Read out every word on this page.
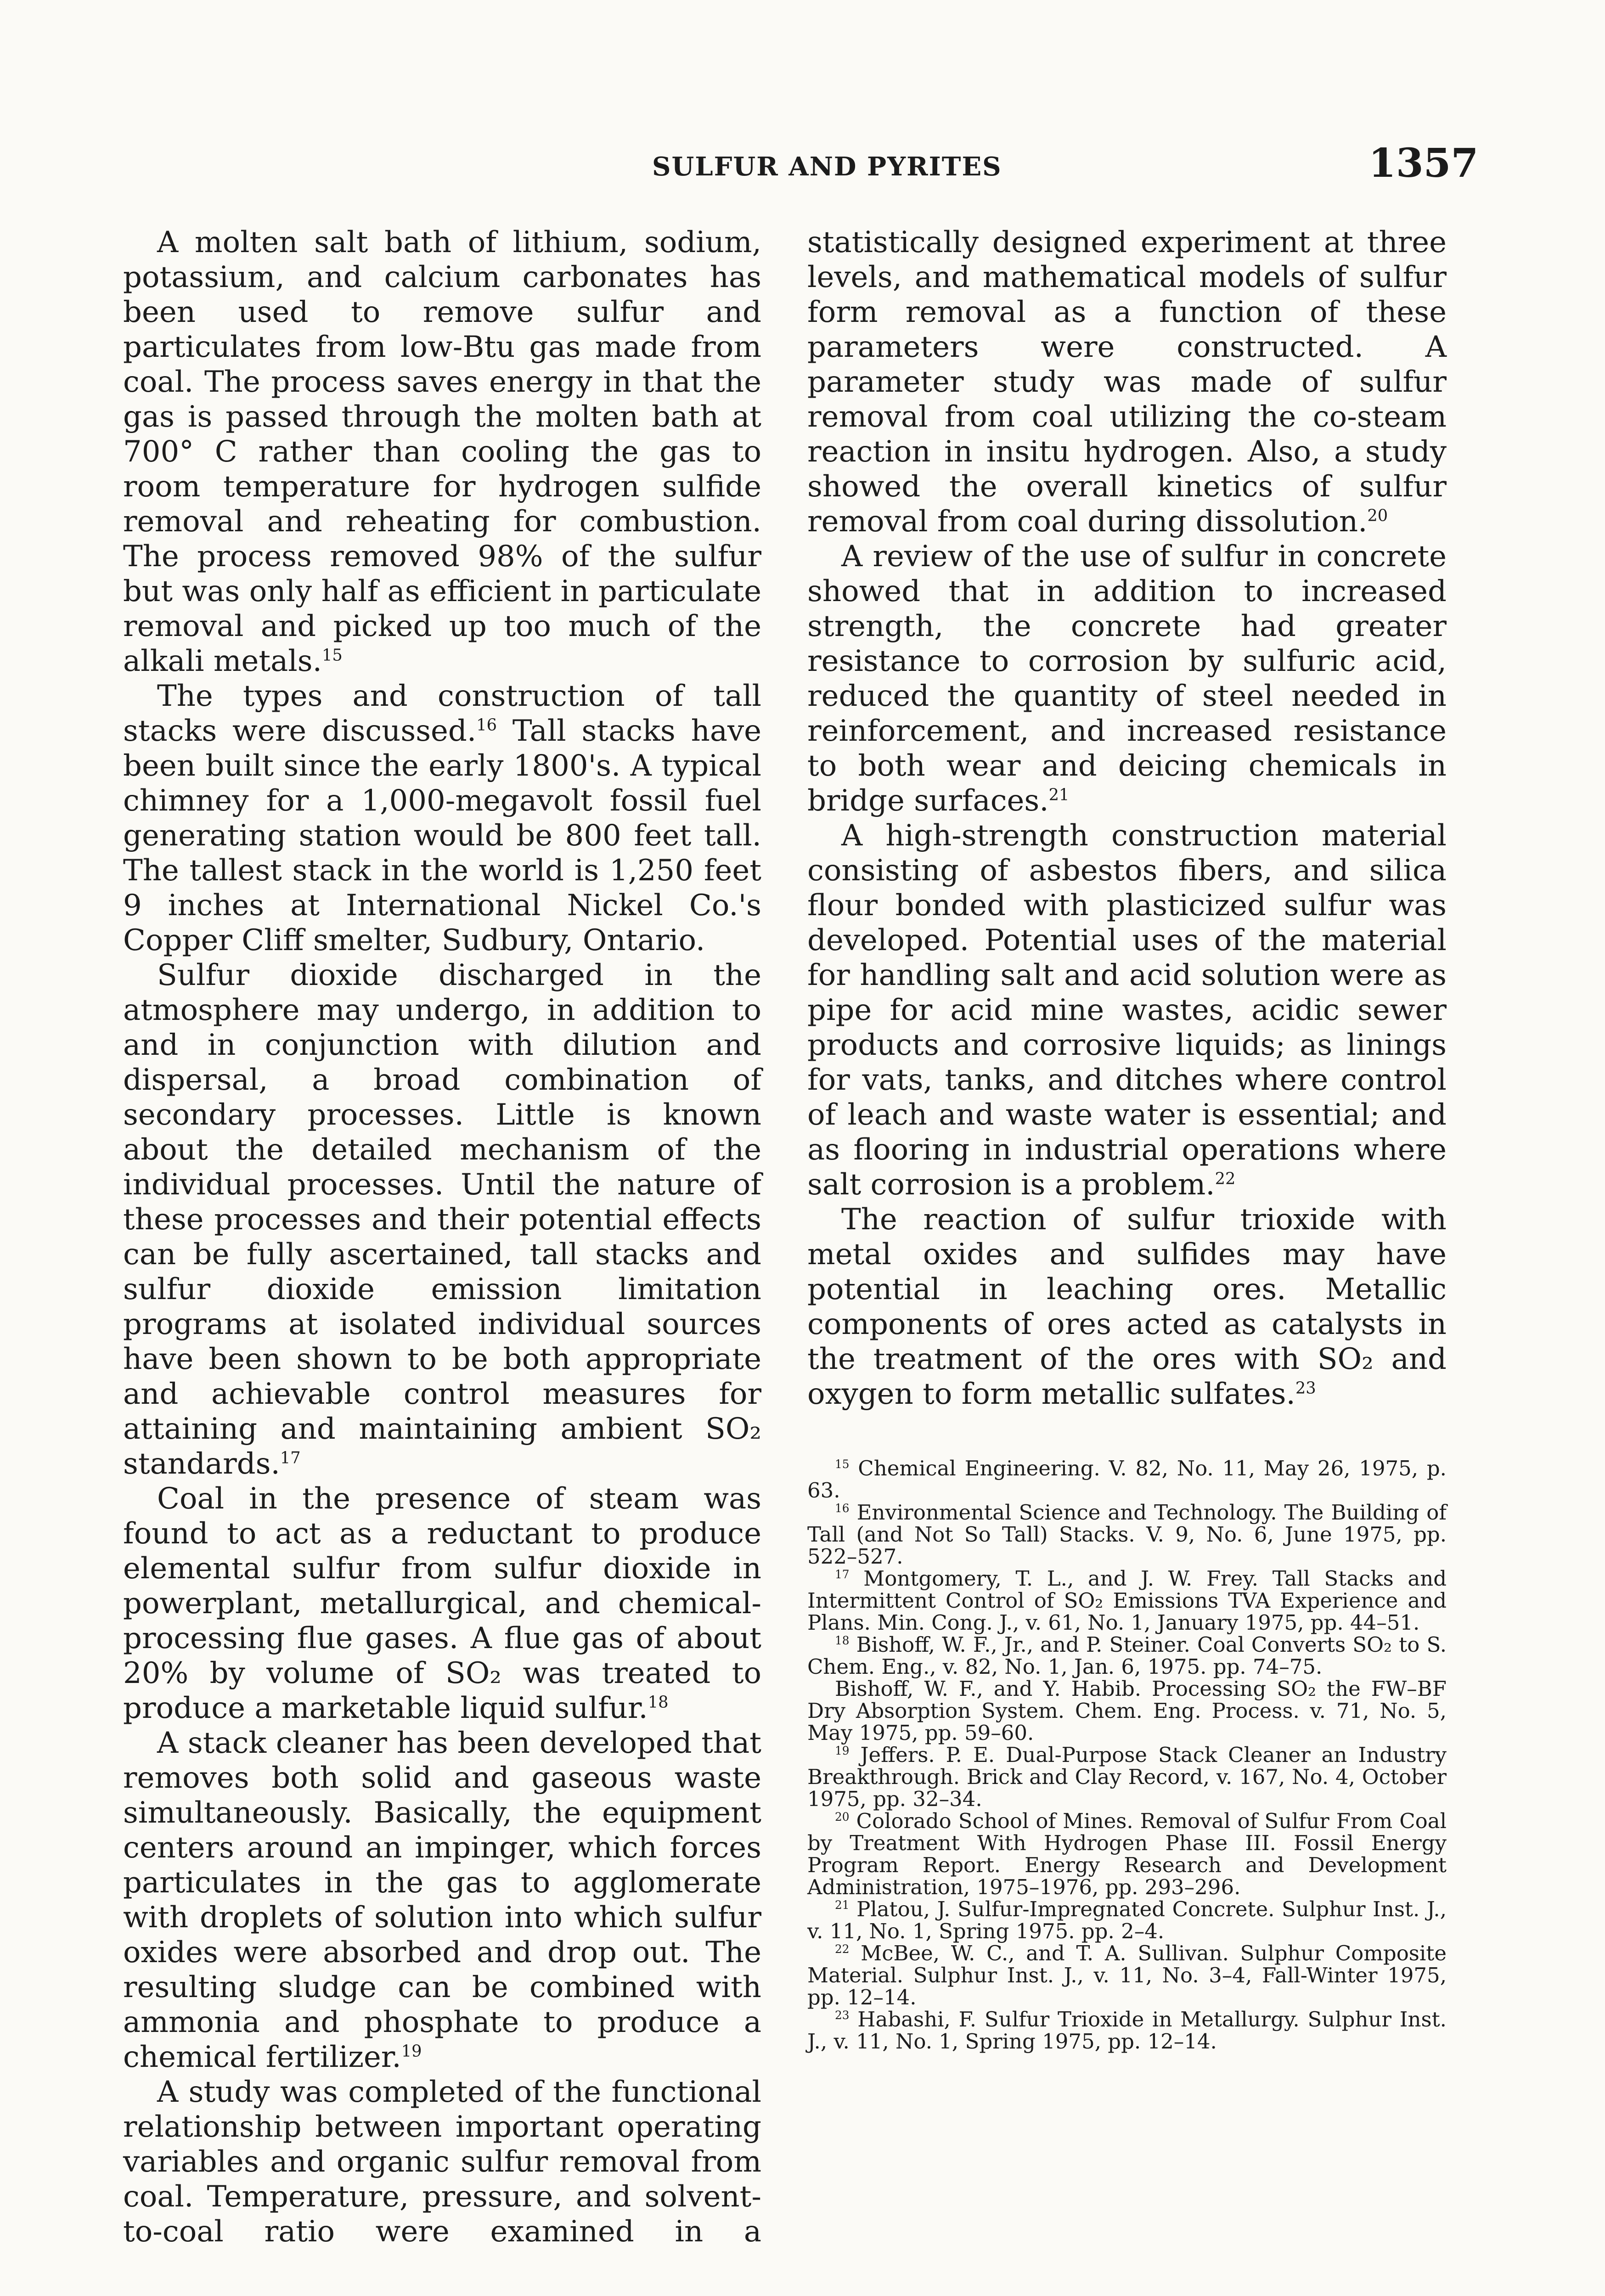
SULFUR AND PYRITES	1357

A molten salt bath of lithium, sodium, potassium, and calcium carbonates has been used to remove sulfur and particulates from low-Btu gas made from coal. The process saves energy in that the gas is passed through the molten bath at 700° C rather than cooling the gas to room temperature for hydrogen sulfide removal and reheating for combustion. The process removed 98% of the sulfur but was only half as efficient in particulate removal and picked up too much of the alkali metals.$^{15}$

The types and construction of tall stacks were discussed.$^{16}$ Tall stacks have been built since the early 1800's. A typical chimney for a 1,000-megavolt fossil fuel generating station would be 800 feet tall. The tallest stack in the world is 1,250 feet 9 inches at International Nickel Co.'s Copper Cliff smelter, Sudbury, Ontario.

Sulfur dioxide discharged in the atmosphere may undergo, in addition to and in conjunction with dilution and dispersal, a broad combination of secondary processes. Little is known about the detailed mechanism of the individual processes. Until the nature of these processes and their potential effects can be fully ascertained, tall stacks and sulfur dioxide emission limitation programs at isolated individual sources have been shown to be both appropriate and achievable control measures for attaining and maintaining ambient SO₂ standards.$^{17}$

Coal in the presence of steam was found to act as a reductant to produce elemental sulfur from sulfur dioxide in powerplant, metallurgical, and chemical-processing flue gases. A flue gas of about 20% by volume of SO₂ was treated to produce a marketable liquid sulfur.$^{18}$

A stack cleaner has been developed that removes both solid and gaseous waste simultaneously. Basically, the equipment centers around an impinger, which forces particulates in the gas to agglomerate with droplets of solution into which sulfur oxides were absorbed and drop out. The resulting sludge can be combined with ammonia and phosphate to produce a chemical fertilizer.$^{19}$

A study was completed of the functional relationship between important operating variables and organic sulfur removal from coal. Temperature, pressure, and solvent-to-coal ratio were examined in a

statistically designed experiment at three levels, and mathematical models of sulfur form removal as a function of these parameters were constructed. A parameter study was made of sulfur removal from coal utilizing the co-steam reaction in insitu hydrogen. Also, a study showed the overall kinetics of sulfur removal from coal during dissolution.$^{20}$

A review of the use of sulfur in concrete showed that in addition to increased strength, the concrete had greater resistance to corrosion by sulfuric acid, reduced the quantity of steel needed in reinforcement, and increased resistance to both wear and deicing chemicals in bridge surfaces.$^{21}$

A high-strength construction material consisting of asbestos fibers, and silica flour bonded with plasticized sulfur was developed. Potential uses of the material for handling salt and acid solution were as pipe for acid mine wastes, acidic sewer products and corrosive liquids; as linings for vats, tanks, and ditches where control of leach and waste water is essential; and as flooring in industrial operations where salt corrosion is a problem.$^{22}$

The reaction of sulfur trioxide with metal oxides and sulfides may have potential in leaching ores. Metallic components of ores acted as catalysts in the treatment of the ores with SO₂ and oxygen to form metallic sulfates.$^{23}$

$^{15}$ Chemical Engineering. V. 82, No. 11, May 26, 1975, p. 63.
$^{16}$ Environmental Science and Technology. The Building of Tall (and Not So Tall) Stacks. V. 9, No. 6, June 1975, pp. 522–527.
$^{17}$ Montgomery, T. L., and J. W. Frey. Tall Stacks and Intermittent Control of SO₂ Emissions TVA Experience and Plans. Min. Cong. J., v. 61, No. 1, January 1975, pp. 44–51.
$^{18}$ Bishoff, W. F., Jr., and P. Steiner. Coal Converts SO₂ to S. Chem. Eng., v. 82, No. 1, Jan. 6, 1975. pp. 74–75.
Bishoff, W. F., and Y. Habib. Processing SO₂ the FW–BF Dry Absorption System. Chem. Eng. Process. v. 71, No. 5, May 1975, pp. 59–60.
$^{19}$ Jeffers. P. E. Dual-Purpose Stack Cleaner an Industry Breakthrough. Brick and Clay Record, v. 167, No. 4, October 1975, pp. 32–34.
$^{20}$ Colorado School of Mines. Removal of Sulfur From Coal by Treatment With Hydrogen Phase III. Fossil Energy Program Report. Energy Research and Development Administration, 1975–1976, pp. 293–296.
$^{21}$ Platou, J. Sulfur-Impregnated Concrete. Sulphur Inst. J., v. 11, No. 1, Spring 1975. pp. 2–4.
$^{22}$ McBee, W. C., and T. A. Sullivan. Sulphur Composite Material. Sulphur Inst. J., v. 11, No. 3–4, Fall-Winter 1975, pp. 12–14.
$^{23}$ Habashi, F. Sulfur Trioxide in Metallurgy. Sulphur Inst. J., v. 11, No. 1, Spring 1975, pp. 12–14.
